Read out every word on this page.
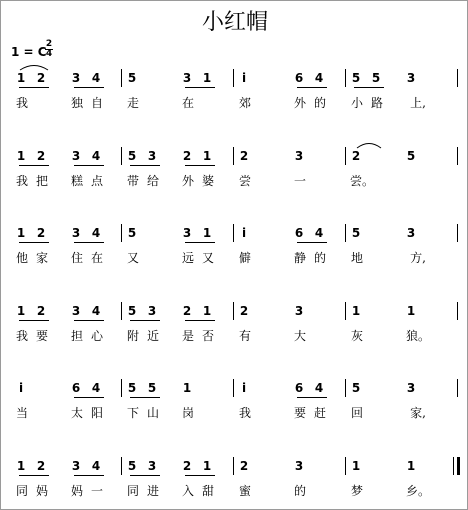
小红帽
1 = C
2
4
1 2 3 4 5	3 1	i	6 4 5 5 3
我	独 自 走	在	郊	外 的 小 路	上,
1 2 3 4 5 3 2 1 2	3	2	5
我 把 糕 点 带 给 外 婆 尝	一	尝。
1 2 3 4 5	3 1	i	6 4 5	3
他 家 住 在 又	远 又 僻	静 的 地	方,
1 2 3 4 5 3 2 1 2	3	1	1
我 要 担 心 附 近 是 否 有	大	灰	狼。
i	6 4 5 5 1	i	6 4 5	3
当	太 阳 下 山 岗	我	要 赶 回	家,
1 2 3 4 5 3 2 1 2	3	1	1
同 妈 妈 一 同 进 入 甜 蜜	的	梦	乡。
